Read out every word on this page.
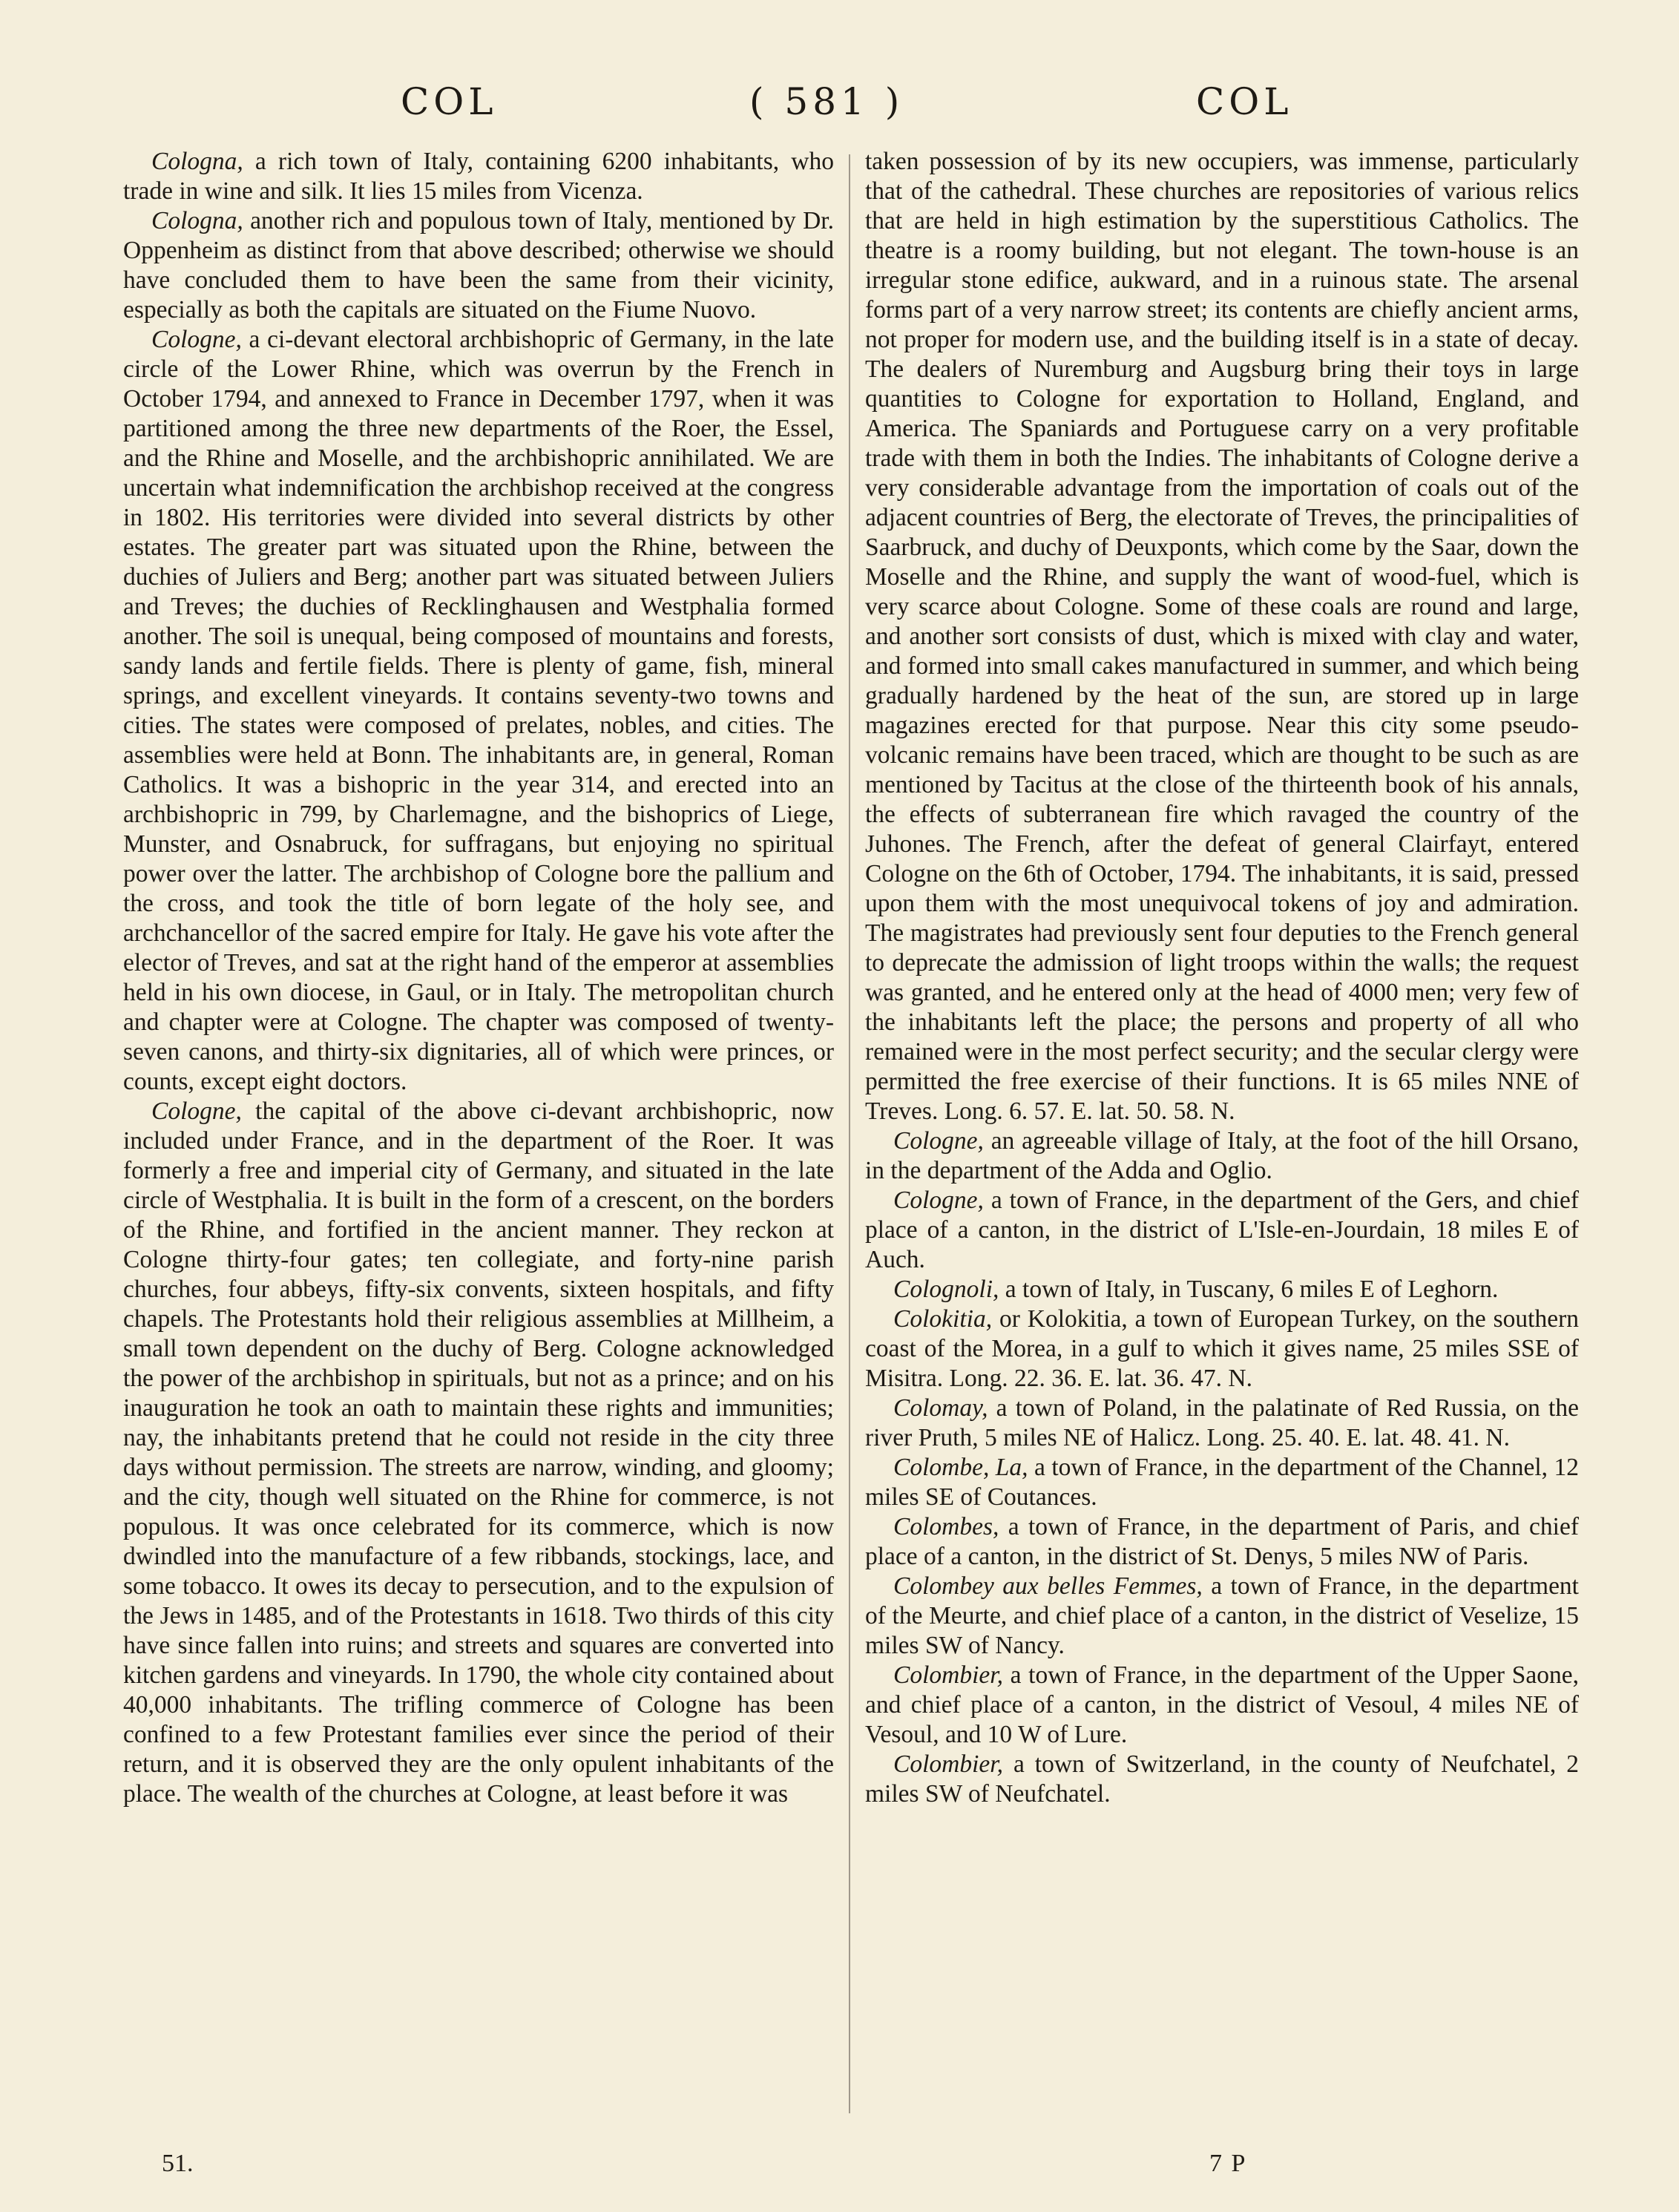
COL	( 581 )	COL

Cologna, a rich town of Italy, containing 6200 inhabitants, who trade in wine and silk. It lies 15 miles from Vicenza.

Cologna, another rich and populous town of Italy, mentioned by Dr. Oppenheim as distinct from that above described; otherwise we should have concluded them to have been the same from their vicinity, especially as both the capitals are situated on the Fiume Nuovo.

Cologne, a ci-devant electoral archbishopric of Germany, in the late circle of the Lower Rhine, which was overrun by the French in October 1794, and annexed to France in December 1797, when it was partitioned among the three new departments of the Roer, the Essel, and the Rhine and Moselle, and the archbishopric annihilated. We are uncertain what indemnification the archbishop received at the congress in 1802. His territories were divided into several districts by other estates. The greater part was situated upon the Rhine, between the duchies of Juliers and Berg; another part was situated between Juliers and Treves; the duchies of Recklinghausen and Westphalia formed another. The soil is unequal, being composed of mountains and forests, sandy lands and fertile fields. There is plenty of game, fish, mineral springs, and excellent vineyards. It contains seventy-two towns and cities. The states were composed of prelates, nobles, and cities. The assemblies were held at Bonn. The inhabitants are, in general, Roman Catholics. It was a bishopric in the year 314, and erected into an archbishopric in 799, by Charlemagne, and the bishoprics of Liege, Munster, and Osnabruck, for suffragans, but enjoying no spiritual power over the latter. The archbishop of Cologne bore the pallium and the cross, and took the title of born legate of the holy see, and archchancellor of the sacred empire for Italy. He gave his vote after the elector of Treves, and sat at the right hand of the emperor at assemblies held in his own diocese, in Gaul, or in Italy. The metropolitan church and chapter were at Cologne. The chapter was composed of twenty-seven canons, and thirty-six dignitaries, all of which were princes, or counts, except eight doctors.

Cologne, the capital of the above ci-devant archbishopric, now included under France, and in the department of the Roer. It was formerly a free and imperial city of Germany, and situated in the late circle of Westphalia. It is built in the form of a crescent, on the borders of the Rhine, and fortified in the ancient manner. They reckon at Cologne thirty-four gates; ten collegiate, and forty-nine parish churches, four abbeys, fifty-six convents, sixteen hospitals, and fifty chapels. The Protestants hold their religious assemblies at Millheim, a small town dependent on the duchy of Berg. Cologne acknowledged the power of the archbishop in spirituals, but not as a prince; and on his inauguration he took an oath to maintain these rights and immunities; nay, the inhabitants pretend that he could not reside in the city three days without permission. The streets are narrow, winding, and gloomy; and the city, though well situated on the Rhine for commerce, is not populous. It was once celebrated for its commerce, which is now dwindled into the manufacture of a few ribbands, stockings, lace, and some tobacco. It owes its decay to persecution, and to the expulsion of the Jews in 1485, and of the Protestants in 1618. Two thirds of this city have since fallen into ruins; and streets and squares are converted into kitchen gardens and vineyards. In 1790, the whole city contained about 40,000 inhabitants. The trifling commerce of Cologne has been confined to a few Protestant families ever since the period of their return, and it is observed they are the only opulent inhabitants of the place. The wealth of the churches at Cologne, at least before it was

taken possession of by its new occupiers, was immense, particularly that of the cathedral. These churches are repositories of various relics that are held in high estimation by the superstitious Catholics. The theatre is a roomy building, but not elegant. The town-house is an irregular stone edifice, aukward, and in a ruinous state. The arsenal forms part of a very narrow street; its contents are chiefly ancient arms, not proper for modern use, and the building itself is in a state of decay. The dealers of Nuremburg and Augsburg bring their toys in large quantities to Cologne for exportation to Holland, England, and America. The Spaniards and Portuguese carry on a very profitable trade with them in both the Indies. The inhabitants of Cologne derive a very considerable advantage from the importation of coals out of the adjacent countries of Berg, the electorate of Treves, the principalities of Saarbruck, and duchy of Deuxponts, which come by the Saar, down the Moselle and the Rhine, and supply the want of wood-fuel, which is very scarce about Cologne. Some of these coals are round and large, and another sort consists of dust, which is mixed with clay and water, and formed into small cakes manufactured in summer, and which being gradually hardened by the heat of the sun, are stored up in large magazines erected for that purpose. Near this city some pseudo-volcanic remains have been traced, which are thought to be such as are mentioned by Tacitus at the close of the thirteenth book of his annals, the effects of subterranean fire which ravaged the country of the Juhones. The French, after the defeat of general Clairfayt, entered Cologne on the 6th of October, 1794. The inhabitants, it is said, pressed upon them with the most unequivocal tokens of joy and admiration. The magistrates had previously sent four deputies to the French general to deprecate the admission of light troops within the walls; the request was granted, and he entered only at the head of 4000 men; very few of the inhabitants left the place; the persons and property of all who remained were in the most perfect security; and the secular clergy were permitted the free exercise of their functions. It is 65 miles NNE of Treves. Long. 6. 57. E. lat. 50. 58. N.

Cologne, an agreeable village of Italy, at the foot of the hill Orsano, in the department of the Adda and Oglio.

Cologne, a town of France, in the department of the Gers, and chief place of a canton, in the district of L'Isle-en-Jourdain, 18 miles E of Auch.

Colognoli, a town of Italy, in Tuscany, 6 miles E of Leghorn.

Colokitia, or Kolokitia, a town of European Turkey, on the southern coast of the Morea, in a gulf to which it gives name, 25 miles SSE of Misitra. Long. 22. 36. E. lat. 36. 47. N.

Colomay, a town of Poland, in the palatinate of Red Russia, on the river Pruth, 5 miles NE of Halicz. Long. 25. 40. E. lat. 48. 41. N.

Colombe, La, a town of France, in the department of the Channel, 12 miles SE of Coutances.

Colombes, a town of France, in the department of Paris, and chief place of a canton, in the district of St. Denys, 5 miles NW of Paris.

Colombey aux belles Femmes, a town of France, in the department of the Meurte, and chief place of a canton, in the district of Veselize, 15 miles SW of Nancy.

Colombier, a town of France, in the department of the Upper Saone, and chief place of a canton, in the district of Vesoul, 4 miles NE of Vesoul, and 10 W of Lure.

Colombier, a town of Switzerland, in the county of Neufchatel, 2 miles SW of Neufchatel.

51.	7 P
